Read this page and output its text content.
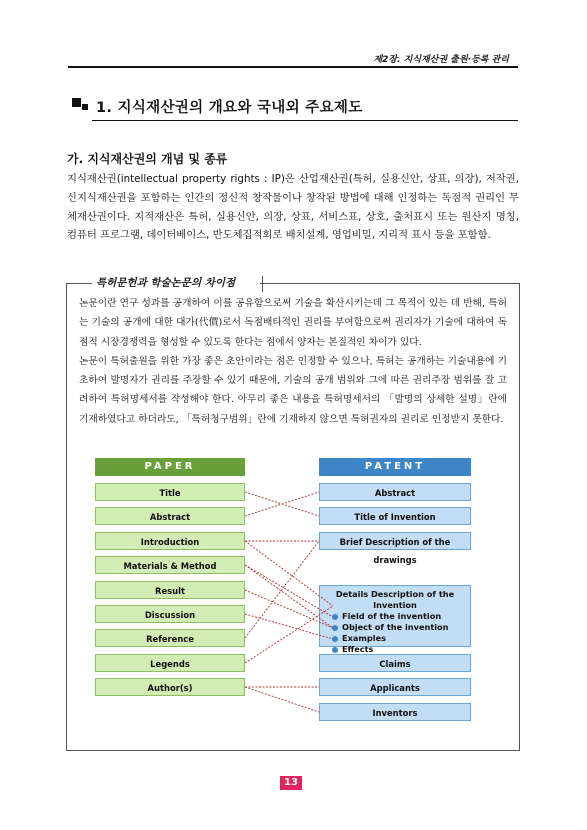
제2장. 지식재산권 출원·등록 관리
1. 지식재산권의 개요와 국내외 주요제도
가. 지식재산권의 개념 및 종류
지식재산권(intellectual property rights : IP)은 산업재산권(특허, 실용신안, 상표, 의장), 저작권, 신지식재산권을 포함하는 인간의 정신적 창작물이나 창작된 방법에 대해 인정하는 독점적 권리인 무체재산권이다. 지적재산은 특허, 실용신안, 의장, 상표, 서비스표, 상호, 출처표시 또는 원산지 명칭, 컴퓨터 프로그램, 데이터베이스, 반도체집적회로 배치설계, 영업비밀, 지리적 표시 등을 포함함.
특허문헌과 학술논문의 차이점
논문이란 연구 성과를 공개하여 이를 공유함으로써 기술을 확산시키는데 그 목적이 있는 데 반해, 특허는 기술의 공개에 대한 대가(代價)로서 독점배타적인 권리를 부여함으로써 권리자가 기술에 대하여 독점적 시장경쟁력을 형성할 수 있도록 한다는 점에서 양자는 본질적인 차이가 있다.
논문이 특허출원을 위한 가장 좋은 초안이라는 점은 인정할 수 있으나, 특허는 공개하는 기술내용에 기초하여 발명자가 권리를 주장할 수 있기 때문에, 기술의 공개 범위와 그에 따른 권리주장 범위를 잘 고려하여 특허명세서를 작성해야 한다. 아무리 좋은 내용을 특허명세서의 「발명의 상세한 설명」란에 기재하였다고 하더라도, 「특허청구범위」란에 기재하지 않으면 특허권자의 권리로 인정받지 못한다.
PAPER	PATENT
Title
Abstract
Introduction
Materials & Method
Result
Discussion
Reference
Legends
Author(s)
Abstract
Title of Invention
Brief Description of the drawings
Details Description of the Invention
Field of the invention
Object of the invention
Examples
Effects
Claims
Applicants
Inventors
13
